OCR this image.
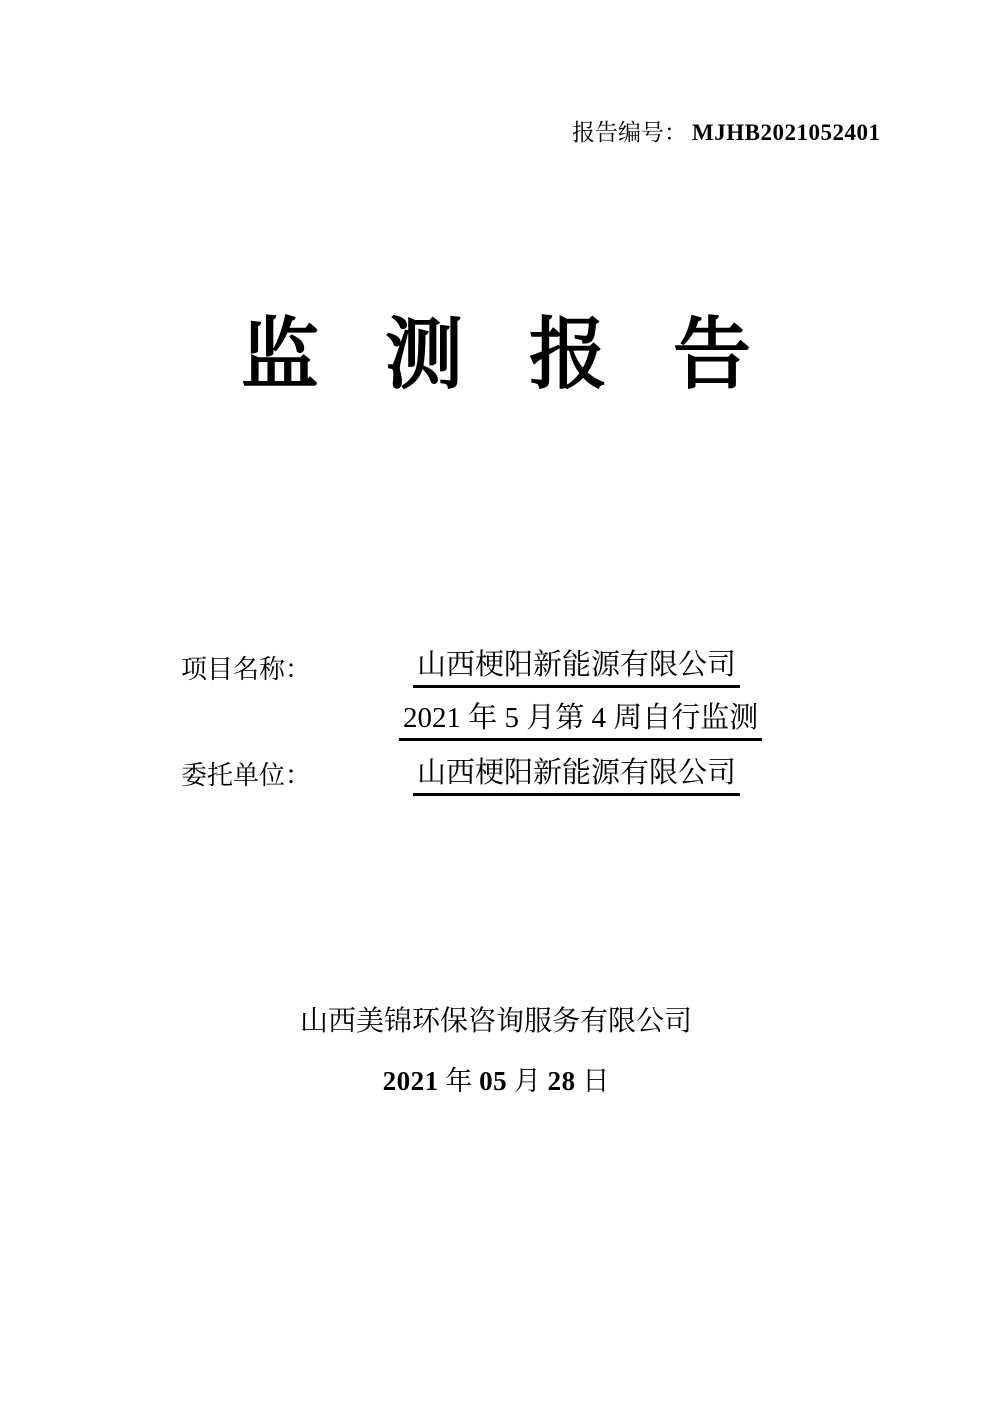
报告编号： MJHB2021052401
监 测 报 告
项目名称：	山西梗阳新能源有限公司
2021 年 5 月第 4 周自行监测
委托单位：	山西梗阳新能源有限公司
山西美锦环保咨询服务有限公司
2021 年 05 月 28 日
